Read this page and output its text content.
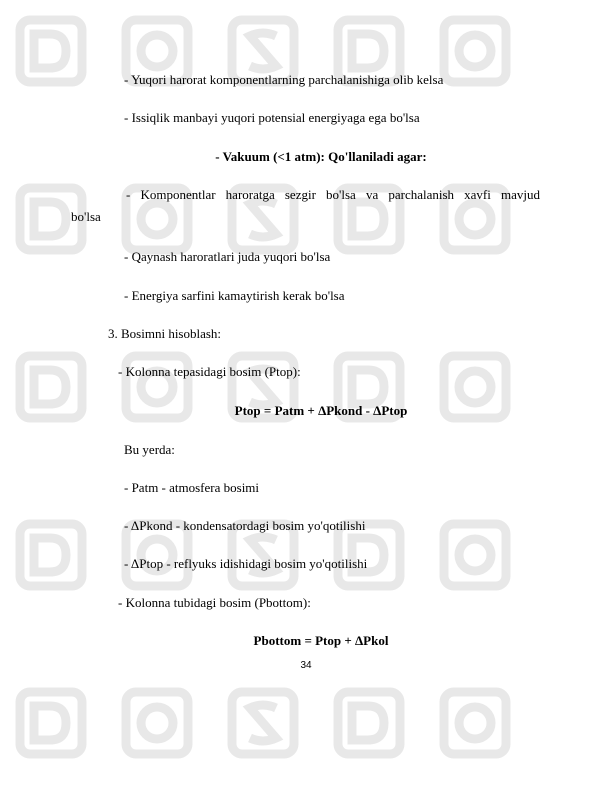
- Yuqori harorat komponentlarning parchalanishiga olib kelsa
- Issiqlik manbayi yuqori potensial energiyaga ega bo'lsa
- Vakuum (<1 atm): Qo'llaniladi agar:
- Komponentlar haroratga sezgir bo'lsa va parchalanish xavfi mavjud
bo'lsa
- Qaynash haroratlari juda yuqori bo'lsa
- Energiya sarfini kamaytirish kerak bo'lsa
3. Bosimni hisoblash:
- Kolonna tepasidagi bosim (Ptop):
Ptop = Patm + ΔPkond - ΔPtop
Bu yerda:
- Patm - atmosfera bosimi
- ΔPkond - kondensatordagi bosim yo'qotilishi
- ΔPtop - reflyuks idishidagi bosim yo'qotilishi
- Kolonna tubidagi bosim (Pbottom):
Pbottom = Ptop + ΔPkol
34
